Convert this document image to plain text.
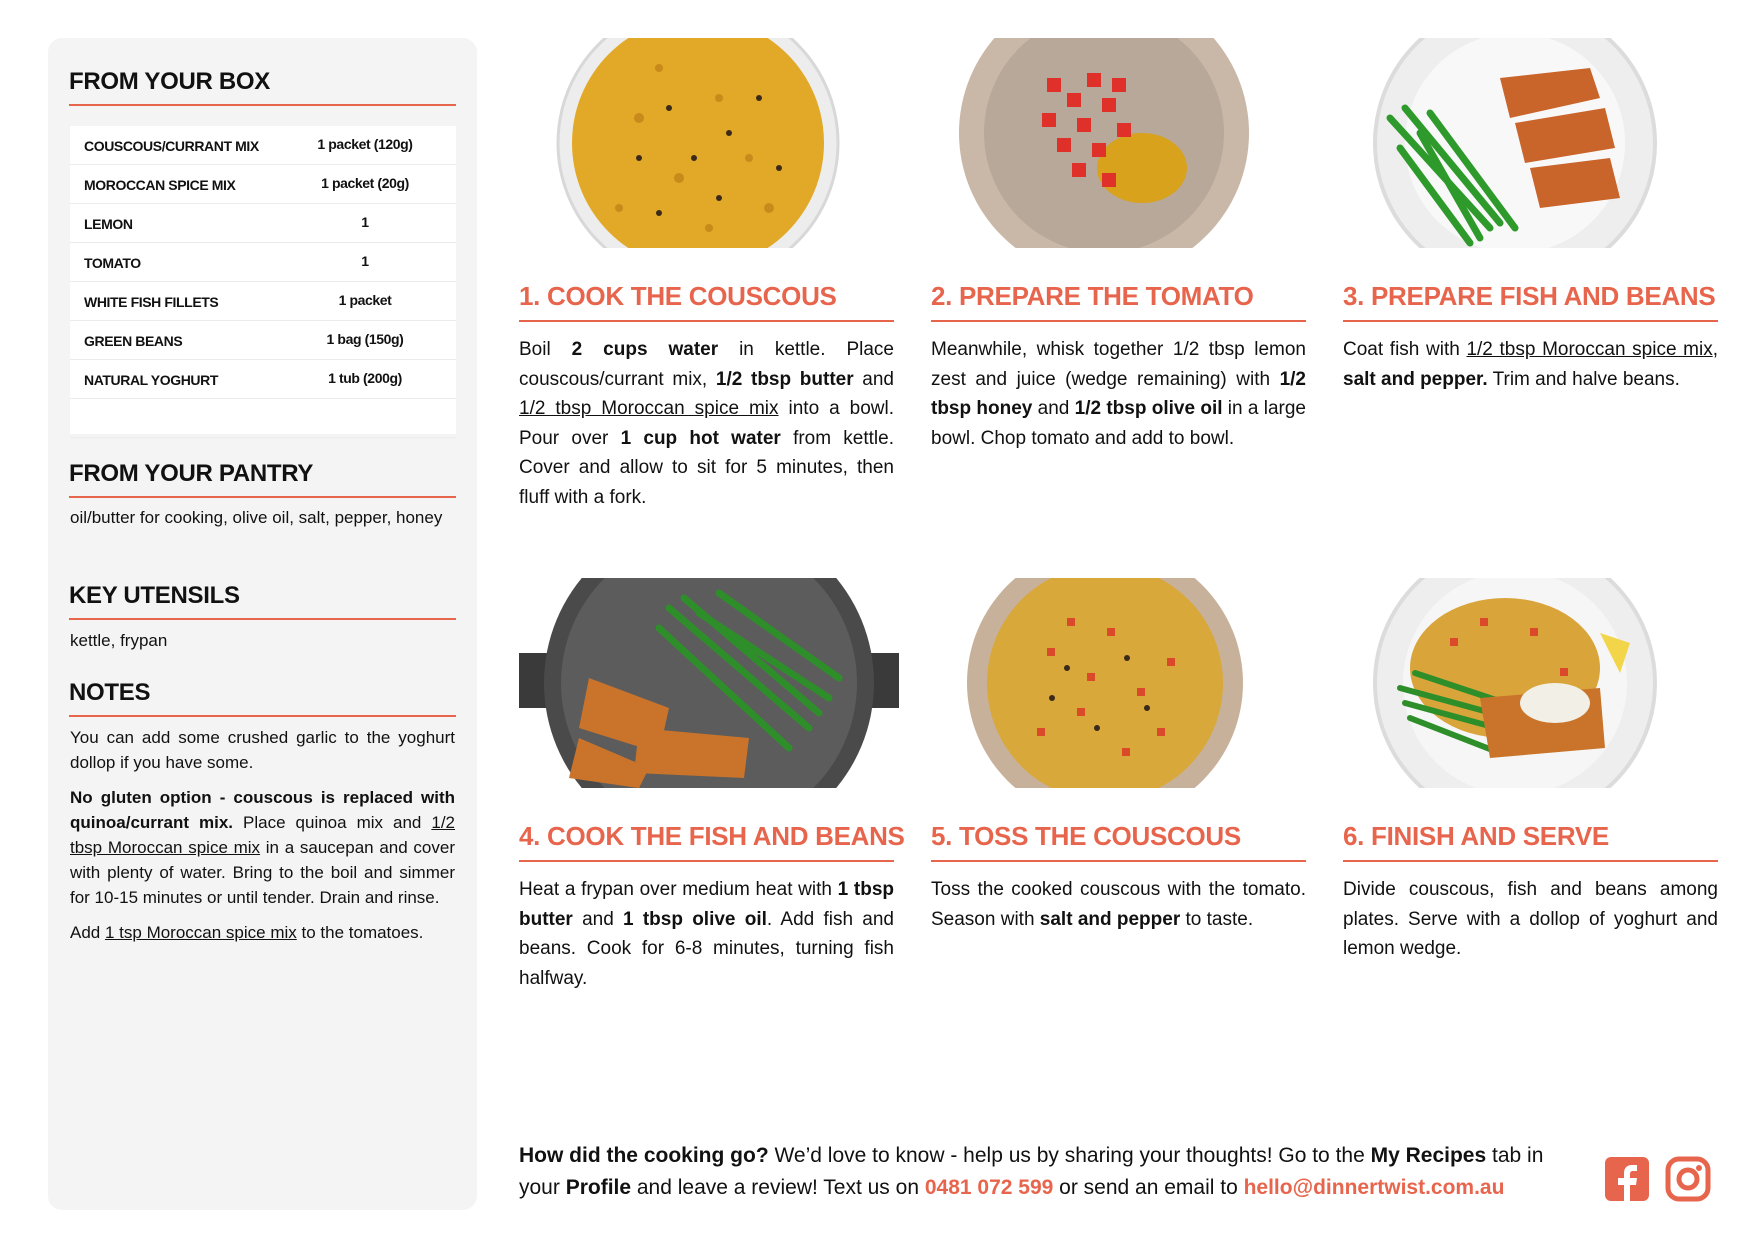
FROM YOUR BOX
COUSCOUS/CURRANT MIX	1 packet (120g)
MOROCCAN SPICE MIX	1 packet (20g)
LEMON	1
TOMATO	1
WHITE FISH FILLETS	1 packet
GREEN BEANS	1 bag (150g)
NATURAL YOGHURT	1 tub (200g)
FROM YOUR PANTRY
oil/butter for cooking, olive oil, salt, pepper, honey
KEY UTENSILS
kettle, frypan
NOTES

You can add some crushed garlic to the yoghurt dollop if you have some.

No gluten option - couscous is replaced with quinoa/currant mix. Place quinoa mix and 1/2 tbsp Moroccan spice mix in a saucepan and cover with plenty of water. Bring to the boil and simmer for 10-15 minutes or until tender. Drain and rinse.

Add 1 tsp Moroccan spice mix to the tomatoes.

1. COOK THE COUSCOUS	2. PREPARE THE TOMATO	3. PREPARE FISH AND BEANS
4. COOK THE FISH AND BEANS 5. TOSS THE COUSCOUS	6. FINISH AND SERVE
Boil 2 cups water in kettle. Place couscous/currant mix, 1/2 tbsp butter and 1/2 tbsp Moroccan spice mix into a bowl. Pour over 1 cup hot water from kettle. Cover and allow to sit for 5 minutes, then fluff with a fork.
Meanwhile, whisk together 1/2 tbsp lemon zest and juice (wedge remaining) with 1/2 tbsp honey and 1/2 tbsp olive oil in a large bowl. Chop tomato and add to bowl.
Coat fish with 1/2 tbsp Moroccan spice mix, salt and pepper. Trim and halve beans.
Heat a frypan over medium heat with 1 tbsp butter and 1 tbsp olive oil. Add fish and beans. Cook for 6-8 minutes, turning fish halfway.
Toss the cooked couscous with the tomato. Season with salt and pepper to taste.
Divide couscous, fish and beans among plates. Serve with a dollop of yoghurt and lemon wedge.
How did the cooking go? We’d love to know - help us by sharing your thoughts! Go to the My Recipes tab in your Profile and leave a review! Text us on 0481 072 599 or send an email to hello@dinnertwist.com.au
